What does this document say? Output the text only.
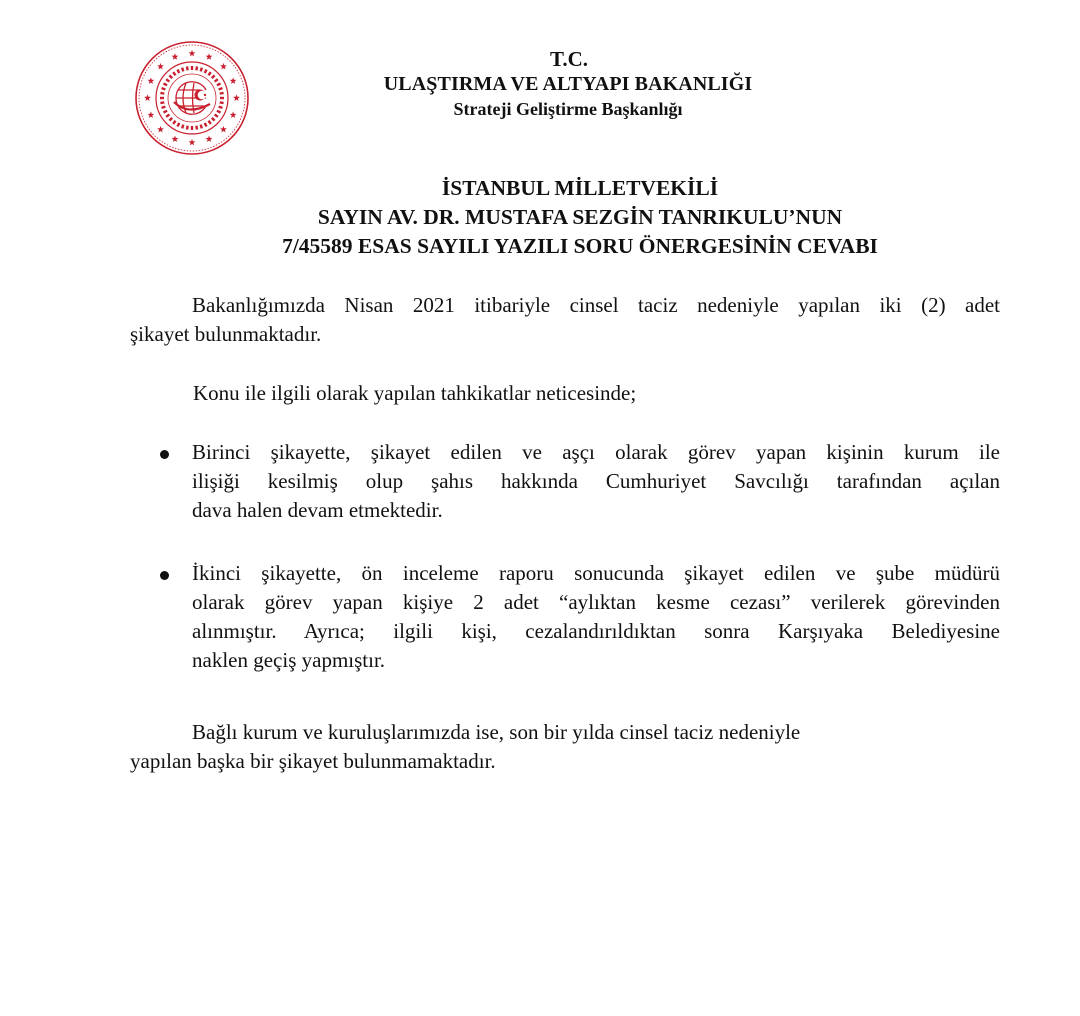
T.C.
ULAŞTIRMA VE ALTYAPI BAKANLIĞI
Strateji Geliştirme Başkanlığı
İSTANBUL MİLLETVEKİLİ
SAYIN AV. DR. MUSTAFA SEZGİN TANRIKULU’NUN
7/45589 ESAS SAYILI YAZILI SORU ÖNERGESİNİN CEVABI
Bakanlığımızda Nisan 2021 itibariyle cinsel taciz nedeniyle yapılan iki (2) adet
şikayet bulunmaktadır.
Konu ile ilgili olarak yapılan tahkikatlar neticesinde;
Birinci şikayette, şikayet edilen ve aşçı olarak görev yapan kişinin kurum ile
ilişiği kesilmiş olup şahıs hakkında Cumhuriyet Savcılığı tarafından açılan
dava halen devam etmektedir.
İkinci şikayette, ön inceleme raporu sonucunda şikayet edilen ve şube müdürü
olarak görev yapan kişiye 2 adet “aylıktan kesme cezası” verilerek görevinden
alınmıştır. Ayrıca; ilgili kişi, cezalandırıldıktan sonra Karşıyaka Belediyesine
naklen geçiş yapmıştır.
Bağlı kurum ve kuruluşlarımızda ise, son bir yılda cinsel taciz nedeniyle
yapılan başka bir şikayet bulunmamaktadır.
